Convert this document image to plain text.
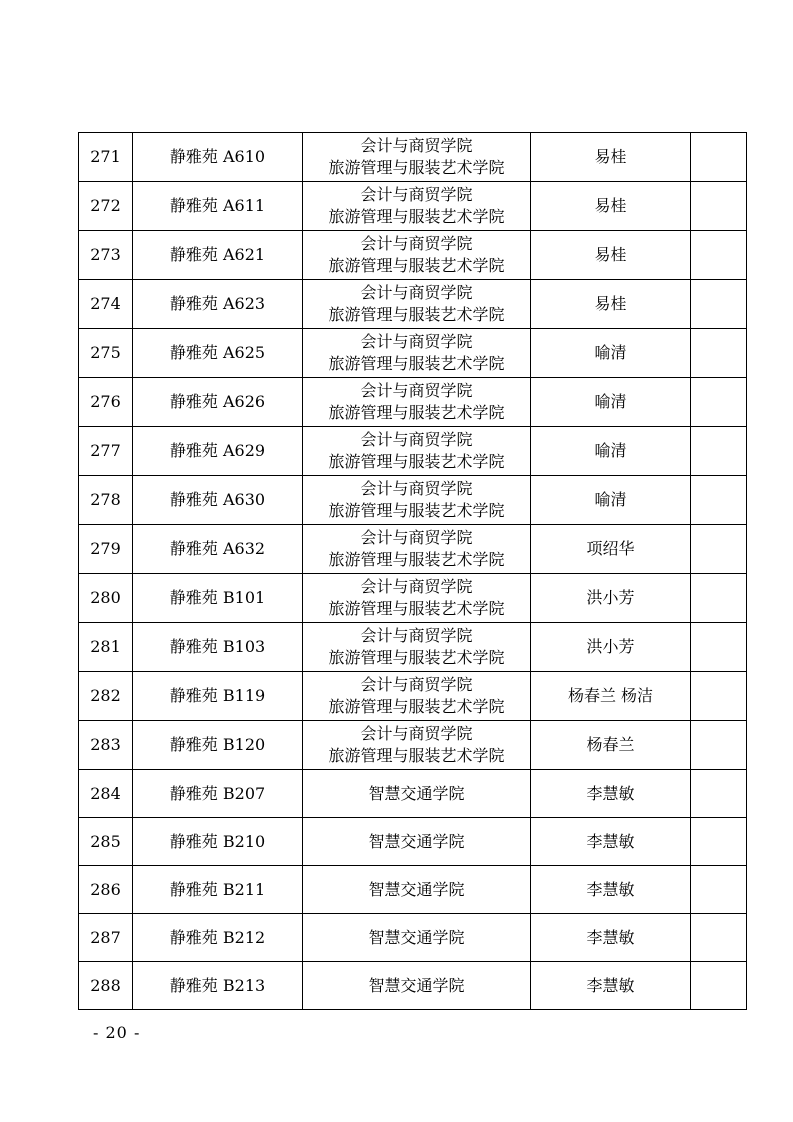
271	静雅苑 A610	会计与商贸学院
旅游管理与服装艺术学院	易桂	
272	静雅苑 A611	会计与商贸学院
旅游管理与服装艺术学院	易桂	
273	静雅苑 A621	会计与商贸学院
旅游管理与服装艺术学院	易桂	
274	静雅苑 A623	会计与商贸学院
旅游管理与服装艺术学院	易桂	
275	静雅苑 A625	会计与商贸学院
旅游管理与服装艺术学院	喻清	
276	静雅苑 A626	会计与商贸学院
旅游管理与服装艺术学院	喻清	
277	静雅苑 A629	会计与商贸学院
旅游管理与服装艺术学院	喻清	
278	静雅苑 A630	会计与商贸学院
旅游管理与服装艺术学院	喻清	
279	静雅苑 A632	会计与商贸学院
旅游管理与服装艺术学院	项绍华	
280	静雅苑 B101	会计与商贸学院
旅游管理与服装艺术学院	洪小芳	
281	静雅苑 B103	会计与商贸学院
旅游管理与服装艺术学院	洪小芳	
282	静雅苑 B119	会计与商贸学院
旅游管理与服装艺术学院	杨春兰 杨洁	
283	静雅苑 B120	会计与商贸学院
旅游管理与服装艺术学院	杨春兰	
284	静雅苑 B207	智慧交通学院	李慧敏	
285	静雅苑 B210	智慧交通学院	李慧敏	
286	静雅苑 B211	智慧交通学院	李慧敏	
287	静雅苑 B212	智慧交通学院	李慧敏	
288	静雅苑 B213	智慧交通学院	李慧敏	
- 20 -
